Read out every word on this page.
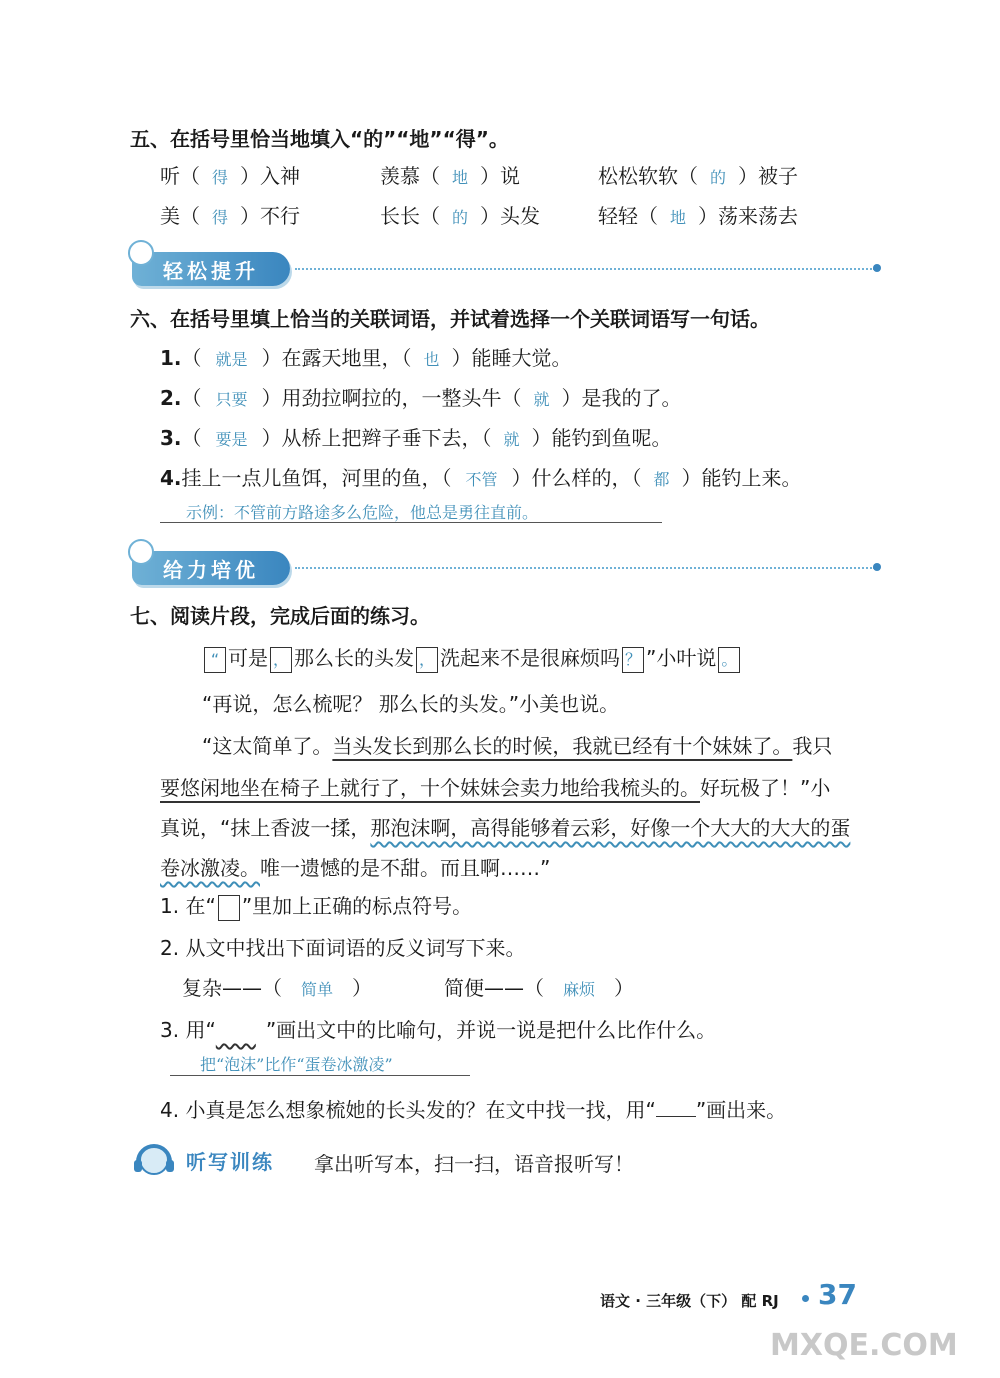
五、在括号里恰当地填入“的”“地”“得”。
听（ 得 ）入神	羡慕（ 地 ）说	松松软软（ 的 ）被子
美（ 得 ）不行	长长（ 的 ）头发	轻轻（ 地 ）荡来荡去
轻松提升
六、在括号里填上恰当的关联词语，并试着选择一个关联词语写一句话。
1.（ 就是 ）在露天地里，（ 也 ）能睡大觉。
2.（ 只要 ）用劲拉啊拉的，一整头牛（ 就 ）是我的了。
3.（ 要是 ）从桥上把辫子垂下去，（ 就 ）能钓到鱼呢。
4.挂上一点儿鱼饵，河里的鱼，（ 不管 ）什么样的，（ 都 ）能钓上来。
示例：不管前方路途多么危险，他总是勇往直前。
给力培优
七、阅读片段，完成后面的练习。
“ 可是 ， 那么长的头发 ， 洗起来不是很麻烦吗 ？ ”小叶说 。
“再说，怎么梳呢？ 那么长的头发。”小美也说。
“这太简单了。当头发长到那么长的时候，我就已经有十个妹妹了。我只
要悠闲地坐在椅子上就行了，十个妹妹会卖力地给我梳头的。好玩极了！”小
真说，“抹上香波一揉，那泡沫啊，高得能够着云彩，好像一个大大的大大的蛋
卷冰激凌。唯一遗憾的是不甜。而且啊……”
1. 在“ ”里加上正确的标点符号。
2. 从文中找出下面词语的反义词写下来。
复杂——（ 简单 ）	简便——（ 麻烦 ）
3. 用“    	”画出文中的比喻句，并说一说是把什么比作什么。
把“泡沫”比作“蛋卷冰激凌”
4. 小真是怎么想象梳她的长头发的？在文中找一找，用“ ”画出来。
听写训练 拿出听写本，扫一扫，语音报听写！
语文 · 三年级（下） 配 RJ 37
MXQE.COM
